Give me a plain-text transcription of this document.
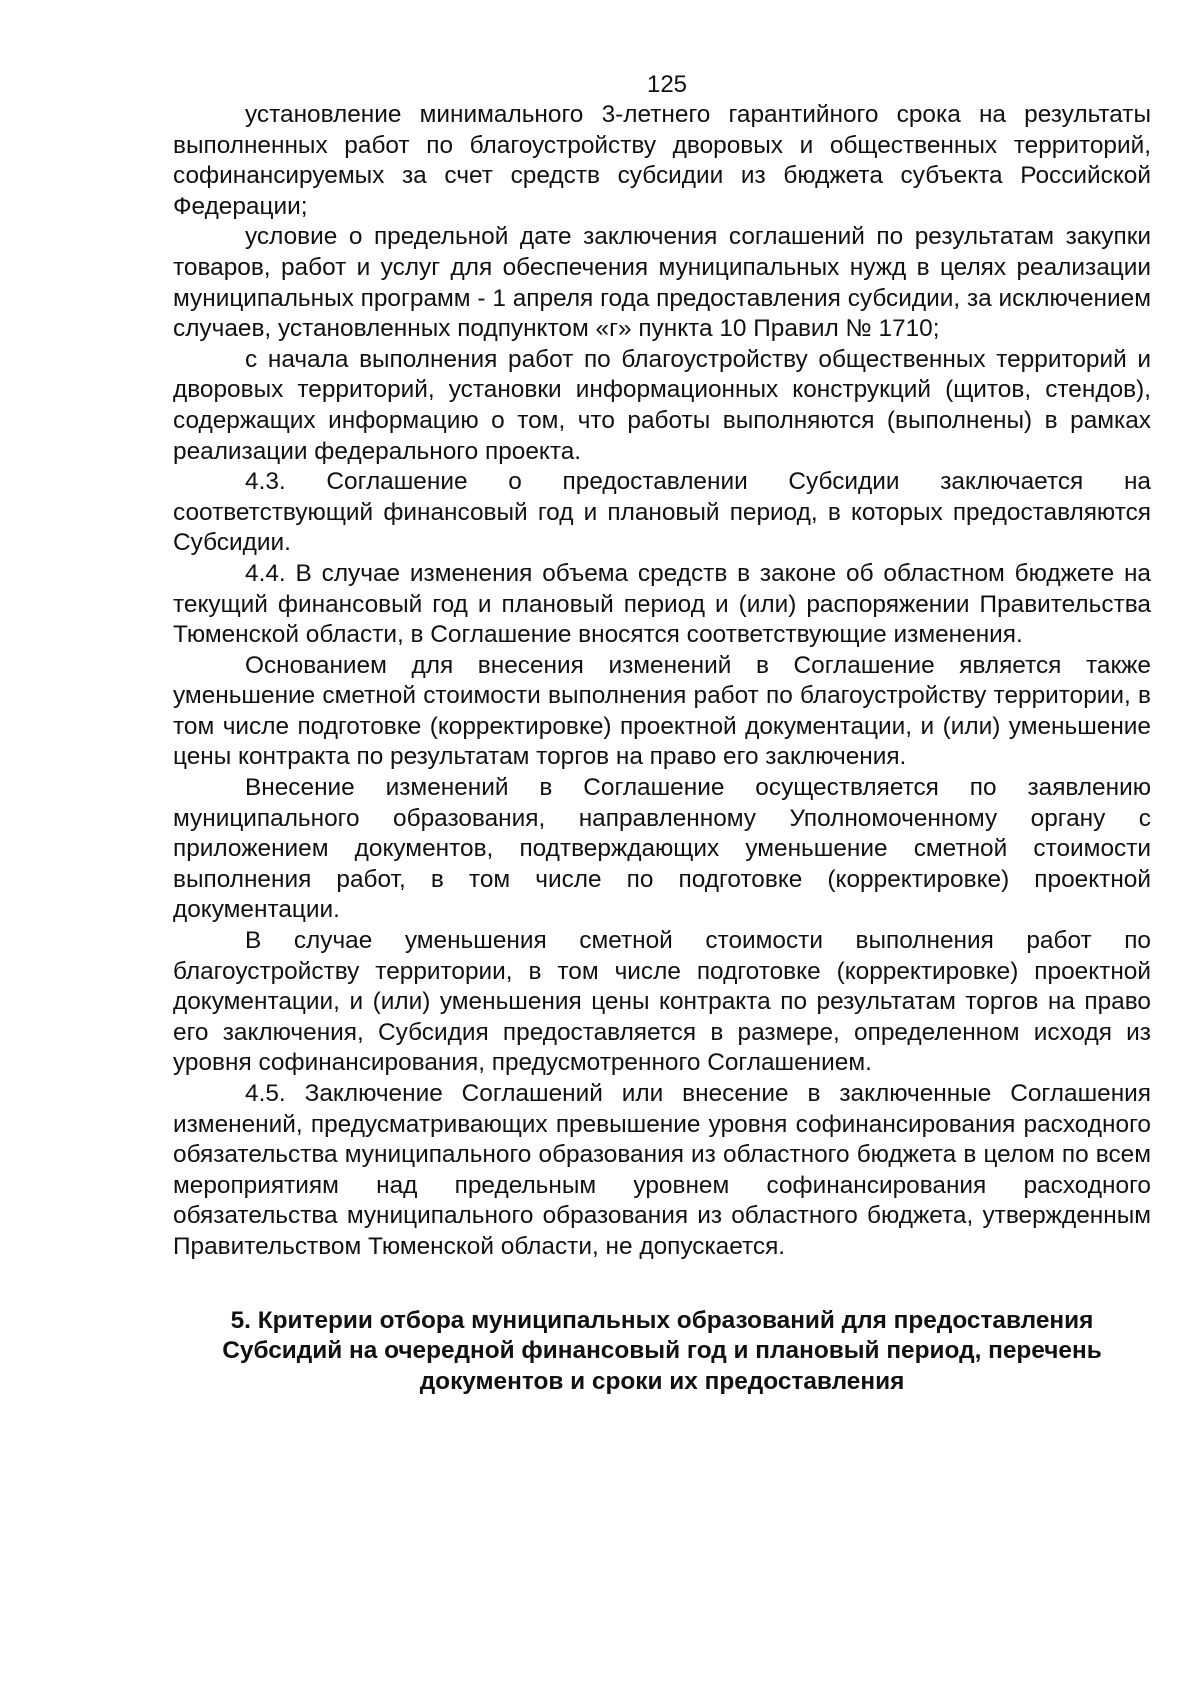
125

установление минимального 3-летнего гарантийного срока на результаты выполненных работ по благоустройству дворовых и общественных территорий, софинансируемых за счет средств субсидии из бюджета субъекта Российской Федерации;

условие о предельной дате заключения соглашений по результатам закупки товаров, работ и услуг для обеспечения муниципальных нужд в целях реализации муниципальных программ - 1 апреля года предоставления субсидии, за исключением случаев, установленных подпунктом «г» пункта 10 Правил № 1710;

с начала выполнения работ по благоустройству общественных территорий и дворовых территорий, установки информационных конструкций (щитов, стендов), содержащих информацию о том, что работы выполняются (выполнены) в рамках реализации федерального проекта.

4.3. Соглашение о предоставлении Субсидии заключается на соответствующий финансовый год и плановый период, в которых предоставляются Субсидии.

4.4. В случае изменения объема средств в законе об областном бюджете на текущий финансовый год и плановый период и (или) распоряжении Правительства Тюменской области, в Соглашение вносятся соответствующие изменения.

Основанием для внесения изменений в Соглашение является также уменьшение сметной стоимости выполнения работ по благоустройству территории, в том числе подготовке (корректировке) проектной документации, и (или) уменьшение цены контракта по результатам торгов на право его заключения.

Внесение изменений в Соглашение осуществляется по заявлению муниципального образования, направленному Уполномоченному органу с приложением документов, подтверждающих уменьшение сметной стоимости выполнения работ, в том числе по подготовке (корректировке) проектной документации.

В случае уменьшения сметной стоимости выполнения работ по благоустройству территории, в том числе подготовке (корректировке) проектной документации, и (или) уменьшения цены контракта по результатам торгов на право его заключения, Субсидия предоставляется в размере, определенном исходя из уровня софинансирования, предусмотренного Соглашением.

4.5. Заключение Соглашений или внесение в заключенные Соглашения изменений, предусматривающих превышение уровня софинансирования расходного обязательства муниципального образования из областного бюджета в целом по всем мероприятиям над предельным уровнем софинансирования расходного обязательства муниципального образования из областного бюджета, утвержденным Правительством Тюменской области, не допускается.

5. Критерии отбора муниципальных образований для предоставления Субсидий на очередной финансовый год и плановый период, перечень документов и сроки их предоставления
